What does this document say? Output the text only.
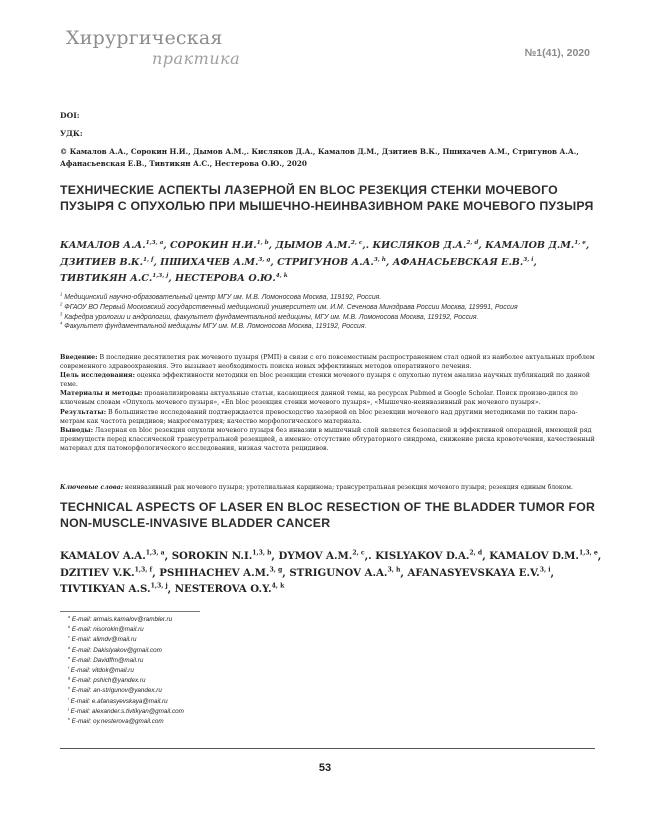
Хирургическая
практика	№1(41), 2020
DOI:
УДК:
© Камалов А.А., Сорокин Н.И., Дымов А.М.,. Кисляков Д.А., Камалов Д.М., Дзитиев В.К., Пшихачев А.М., Стригунов А.А., Афанасьевская Е.В., Тивтикян А.С., Нестерова О.Ю., 2020
ТЕХНИЧЕСКИЕ АСПЕКТЫ ЛАЗЕРНОЙ EN BLOC РЕЗЕКЦИЯ СТЕНКИ МОЧЕВОГО ПУЗЫРЯ С ОПУХОЛЬЮ ПРИ МЫШЕЧНО-НЕИНВАЗИВНОМ РАКЕ МОЧЕВОГО ПУЗЫРЯ
КАМАЛОВ А.А.$^{1,3, a}$, СОРОКИН Н.И.$^{1, b}$, ДЫМОВ А.М.$^{2, c}$,. КИСЛЯКОВ Д.А.$^{2, d}$, КАМАЛОВ Д.М.$^{1, e}$, ДЗИТИЕВ В.К.$^{1, f}$, ПШИХАЧЕВ А.М.$^{3, g}$, СТРИГУНОВ А.А.$^{3, h}$, АФАНАСЬЕВСКАЯ Е.В.$^{3, i}$, ТИВТИКЯН А.С.$^{1,3, j}$, НЕСТЕРОВА О.Ю.$^{4, k}$

$^1$ Медицинский научно-образовательный центр МГУ им. М.В. Ломоносова Москва, 119192, Россия.

$^2$ ФГАОУ ВО Первый Московский государственный медицинский университет им. И.М. Сеченова Минздрава России Москва, 119991, Россия

$^3$ Кафедра урологии и андрологии, факультет фундаментальной медицины, МГУ им. М.В. Ломоносова Москва, 119192, Россия.

$^4$ Факультет фундаментальной медицины МГУ им. М.В. Ломоносова Москва, 119192, Россия.

Введение: В последние десятилетия рак мочевого пузыря (РМП) в связи с его повсеместным распространением стал одной из наиболее актуальных проблем современного здравоохранения. Это вызывает необходимость поиска новых эффективных методов оперативного лечения.

Цель исследования: оценка эффективности методики en bloc резекции стенки мочевого пузыря с опухолью путем анализа научных публикаций по данной теме.

Материалы и методы: проанализированы актуальные статьи, касающиеся данной темы, на ресурсах Pubmed и Google Scholar. Поиск произво-дился по ключевым словам «Опухоль мочевого пузыря», «En bloc резекция стенки мочевого пузыря», «Мышечно-неинвазивный рак мочевого пузыря».

Результаты: В большинстве исследований подтверждается превосходство лазерной en bloc резекции мочевого над другими методиками по таким пара-метрам как частота рецидивов; макрогематурия; качество морфологического материала.

Выводы: Лазерная en bloc резекция опухоли мочевого пузыря без инвазии в мышечный слой является безопасной и эффективной операцией, имеющей ряд преимуществ перед классической трансуретральной резекцией, а именно: отсутствие обтураторного синдрома, снижение риска кровотечения, качественный материал для патоморфологического исследования, низкая частота рецидивов.

Ключевые слова: неинвазивный рак мочевого пузыря; уротелиальная карцинома; трансуретральная резекция мочевого пузыря; резекция единым блоком.
TECHNICAL ASPECTS OF LASER EN BLOC RESECTION OF THE BLADDER TUMOR FOR NON-MUSCLE-INVASIVE BLADDER CANCER
KAMALOV A.A.$^{1,3, a}$, SOROKIN N.I.$^{1,3, b}$, DYMOV A.M.$^{2, c}$,. KISLYAKOV D.A.$^{2, d}$, KAMALOV D.M.$^{1,3, e}$, DZITIEV V.K.$^{1,3, f}$, PSHIHACHEV A.M.$^{3, g}$, STRIGUNOV A.A.$^{3, h}$, AFANASYEVSKAYA E.V.$^{3, i}$, TIVTIKYAN A.S.$^{1,3, j}$, NESTEROVA O.Y.$^{4, k}$
$^a$ E-mail: armais.kamalov@rambler.ru
$^b$ E-mail: nisorokin@mail.ru
$^c$ E-mail: alimdv@mail.ru
$^d$ E-mail: Dakislyakov@gmail.com
$^e$ E-mail: Davidffm@mail.ru
$^f$ E-mail: vitdok@mail.ru
$^g$ E-mail: pshich@yandex.ru
$^h$ E-mail: an-strigunov@yandex.ru
$^i$ E-mail: e.afanasyevskaya@mail.ru
$^j$ E-mail: alexander.s.tivtikyan@gmail.com
$^k$ E-mail: oy.nesterova@gmail.com
53
